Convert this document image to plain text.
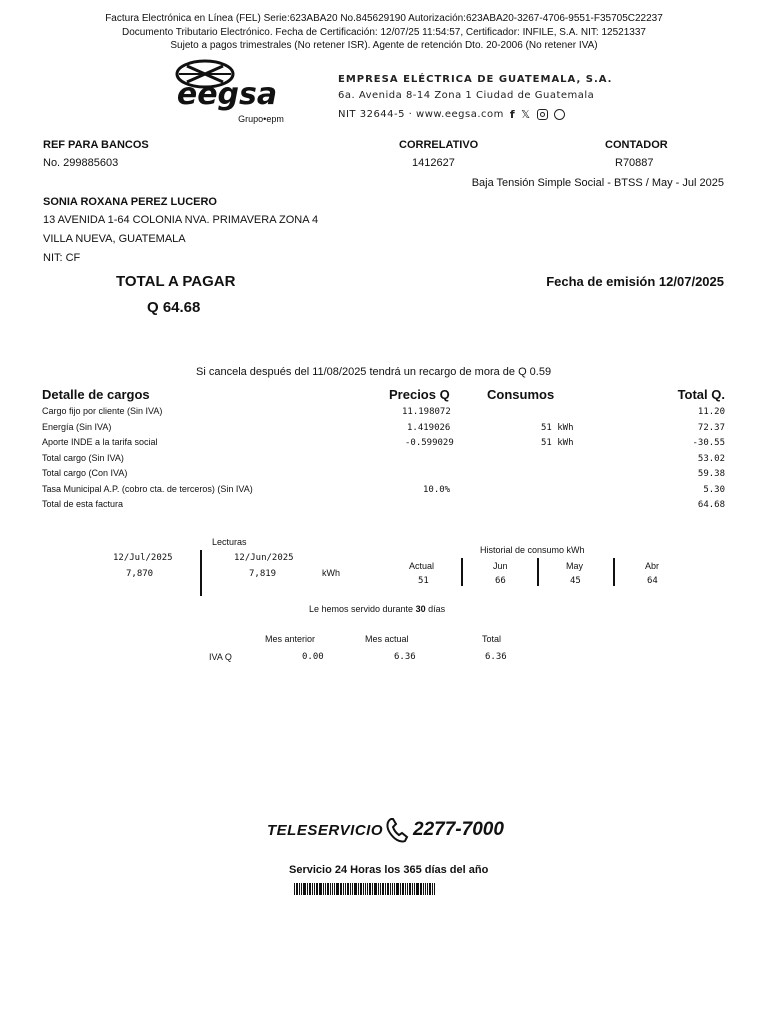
Factura Electrónica en Línea (FEL) Serie:623ABA20 No.845629190 Autorización:623ABA20-3267-4706-9551-F35705C22237
Documento Tributario Electrónico. Fecha de Certificación: 12/07/25 11:54:57, Certificador: INFILE, S.A. NIT: 12521337
Sujeto a pagos trimestrales (No retener ISR). Agente de retención Dto. 20-2006 (No retener IVA)
eegsa
Grupo•epm
EMPRESA ELÉCTRICA DE GUATEMALA, S.A.
6a. Avenida 8-14 Zona 1 Ciudad de Guatemala
NIT 32644-5 · www.eegsa.com f 𝕏
REF PARA BANCOS
No. 299885603
CORRELATIVO
1412627
CONTADOR
R70887
Baja Tensión Simple Social - BTSS / May - Jul 2025
SONIA ROXANA PEREZ LUCERO
13 AVENIDA 1-64 COLONIA NVA. PRIMAVERA ZONA 4
VILLA NUEVA, GUATEMALA
NIT: CF
TOTAL A PAGAR
Q 64.68
Fecha de emisión 12/07/2025
Si cancela después del 11/08/2025 tendrá un recargo de mora de Q 0.59
Detalle de cargos	Precios Q	Consumos	Total Q.
Cargo fijo por cliente (Sin IVA)	11.198072	11.20
Energía (Sin IVA)	1.419026	51 kWh	72.37
Aporte INDE a la tarifa social	-0.599029	51 kWh	-30.55
Total cargo (Sin IVA)	53.02
Total cargo (Con IVA)	59.38
Tasa Municipal A.P. (cobro cta. de terceros) (Sin IVA)	10.0%	5.30
Total de esta factura	64.68
Lecturas
12/Jul/2025
7,870
12/Jun/2025
7,819	kWh
Actual
51
Historial de consumo kWh
Jun
66
May
45
Abr
64
Le hemos servido durante 30 días
Mes anterior	Mes actual	Total
IVA Q	0.00	6.36	6.36
TELESERVICIO 2277-7000
Servicio 24 Horas los 365 días del año
